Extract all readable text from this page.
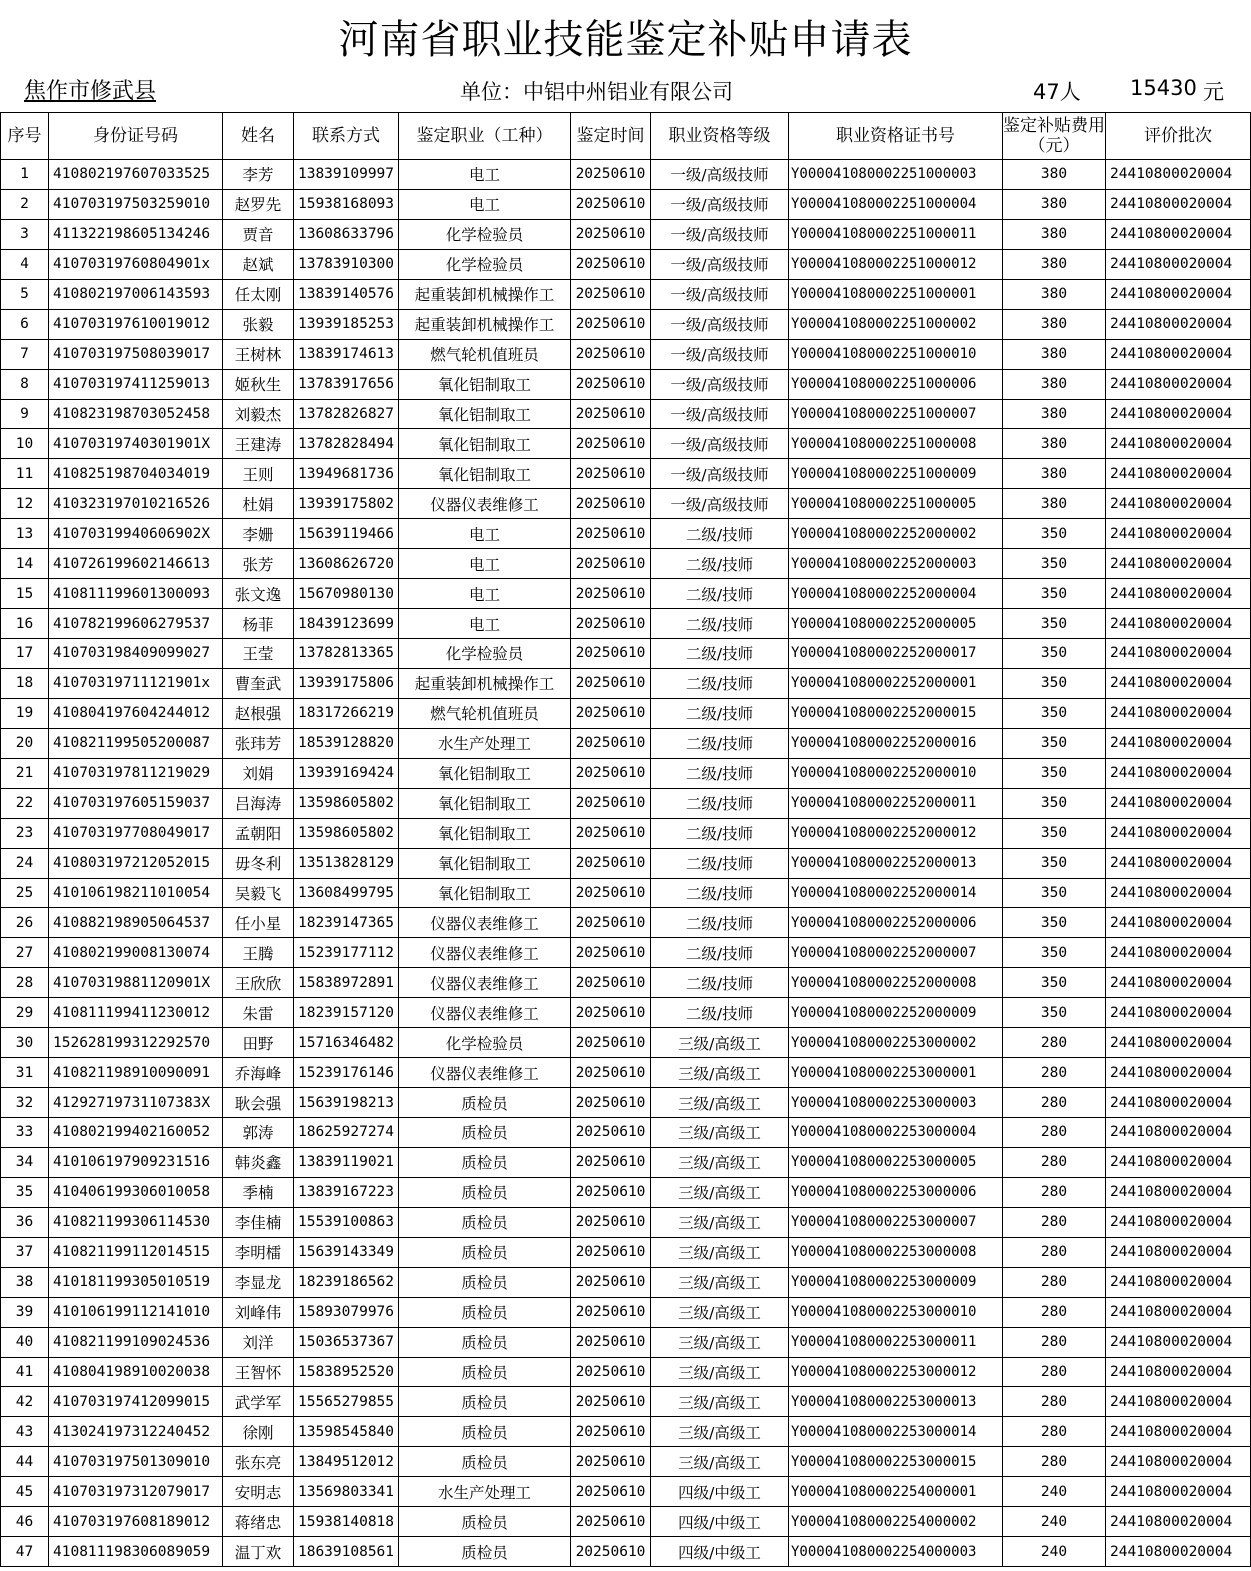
河南省职业技能鉴定补贴申请表
焦作市修武县	单位：中铝中州铝业有限公司	47人 15430 元
序号	身份证号码	姓名	联系方式	鉴定职业（工种）	鉴定时间	职业资格等级	职业资格证书号	鉴定补贴费用（元）	评价批次
1	410802197607033525	李芳	13839109997	电工	20250610	一级/高级技师	Y000041080002251000003	380	24410800020004
2	410703197503259010	赵罗先	15938168093	电工	20250610	一级/高级技师	Y000041080002251000004	380	24410800020004
3	411322198605134246	贾音	13608633796	化学检验员	20250610	一级/高级技师	Y000041080002251000011	380	24410800020004
4	41070319760804901x	赵斌	13783910300	化学检验员	20250610	一级/高级技师	Y000041080002251000012	380	24410800020004
5	410802197006143593	任太刚	13839140576	起重装卸机械操作工	20250610	一级/高级技师	Y000041080002251000001	380	24410800020004
6	410703197610019012	张毅	13939185253	起重装卸机械操作工	20250610	一级/高级技师	Y000041080002251000002	380	24410800020004
7	410703197508039017	王树林	13839174613	燃气轮机值班员	20250610	一级/高级技师	Y000041080002251000010	380	24410800020004
8	410703197411259013	姬秋生	13783917656	氧化铝制取工	20250610	一级/高级技师	Y000041080002251000006	380	24410800020004
9	410823198703052458	刘毅杰	13782826827	氧化铝制取工	20250610	一级/高级技师	Y000041080002251000007	380	24410800020004
10	41070319740301901X	王建涛	13782828494	氧化铝制取工	20250610	一级/高级技师	Y000041080002251000008	380	24410800020004
11	410825198704034019	王则	13949681736	氧化铝制取工	20250610	一级/高级技师	Y000041080002251000009	380	24410800020004
12	410323197010216526	杜娟	13939175802	仪器仪表维修工	20250610	一级/高级技师	Y000041080002251000005	380	24410800020004
13	41070319940606902X	李姗	15639119466	电工	20250610	二级/技师	Y000041080002252000002	350	24410800020004
14	410726199602146613	张芳	13608626720	电工	20250610	二级/技师	Y000041080002252000003	350	24410800020004
15	410811199601300093	张文逸	15670980130	电工	20250610	二级/技师	Y000041080002252000004	350	24410800020004
16	410782199606279537	杨菲	18439123699	电工	20250610	二级/技师	Y000041080002252000005	350	24410800020004
17	410703198409099027	王莹	13782813365	化学检验员	20250610	二级/技师	Y000041080002252000017	350	24410800020004
18	41070319711121901x	曹奎武	13939175806	起重装卸机械操作工	20250610	二级/技师	Y000041080002252000001	350	24410800020004
19	410804197604244012	赵根强	18317266219	燃气轮机值班员	20250610	二级/技师	Y000041080002252000015	350	24410800020004
20	410821199505200087	张玮芳	18539128820	水生产处理工	20250610	二级/技师	Y000041080002252000016	350	24410800020004
21	410703197811219029	刘娟	13939169424	氧化铝制取工	20250610	二级/技师	Y000041080002252000010	350	24410800020004
22	410703197605159037	吕海涛	13598605802	氧化铝制取工	20250610	二级/技师	Y000041080002252000011	350	24410800020004
23	410703197708049017	孟朝阳	13598605802	氧化铝制取工	20250610	二级/技师	Y000041080002252000012	350	24410800020004
24	410803197212052015	毋冬利	13513828129	氧化铝制取工	20250610	二级/技师	Y000041080002252000013	350	24410800020004
25	410106198211010054	吴毅飞	13608499795	氧化铝制取工	20250610	二级/技师	Y000041080002252000014	350	24410800020004
26	410882198905064537	任小星	18239147365	仪器仪表维修工	20250610	二级/技师	Y000041080002252000006	350	24410800020004
27	410802199008130074	王腾	15239177112	仪器仪表维修工	20250610	二级/技师	Y000041080002252000007	350	24410800020004
28	41070319881120901X	王欣欣	15838972891	仪器仪表维修工	20250610	二级/技师	Y000041080002252000008	350	24410800020004
29	410811199411230012	朱雷	18239157120	仪器仪表维修工	20250610	二级/技师	Y000041080002252000009	350	24410800020004
30	152628199312292570	田野	15716346482	化学检验员	20250610	三级/高级工	Y000041080002253000002	280	24410800020004
31	410821198910090091	乔海峰	15239176146	仪器仪表维修工	20250610	三级/高级工	Y000041080002253000001	280	24410800020004
32	41292719731107383X	耿会强	15639198213	质检员	20250610	三级/高级工	Y000041080002253000003	280	24410800020004
33	410802199402160052	郭涛	18625927274	质检员	20250610	三级/高级工	Y000041080002253000004	280	24410800020004
34	410106197909231516	韩炎鑫	13839119021	质检员	20250610	三级/高级工	Y000041080002253000005	280	24410800020004
35	410406199306010058	季楠	13839167223	质检员	20250610	三级/高级工	Y000041080002253000006	280	24410800020004
36	410821199306114530	李佳楠	15539100863	质检员	20250610	三级/高级工	Y000041080002253000007	280	24410800020004
37	410821199112014515	李明檑	15639143349	质检员	20250610	三级/高级工	Y000041080002253000008	280	24410800020004
38	410181199305010519	李显龙	18239186562	质检员	20250610	三级/高级工	Y000041080002253000009	280	24410800020004
39	410106199112141010	刘峰伟	15893079976	质检员	20250610	三级/高级工	Y000041080002253000010	280	24410800020004
40	410821199109024536	刘洋	15036537367	质检员	20250610	三级/高级工	Y000041080002253000011	280	24410800020004
41	410804198910020038	王智怀	15838952520	质检员	20250610	三级/高级工	Y000041080002253000012	280	24410800020004
42	410703197412099015	武学军	15565279855	质检员	20250610	三级/高级工	Y000041080002253000013	280	24410800020004
43	413024197312240452	徐刚	13598545840	质检员	20250610	三级/高级工	Y000041080002253000014	280	24410800020004
44	410703197501309010	张东亮	13849512012	质检员	20250610	三级/高级工	Y000041080002253000015	280	24410800020004
45	410703197312079017	安明志	13569803341	水生产处理工	20250610	四级/中级工	Y000041080002254000001	240	24410800020004
46	410703197608189012	蒋绪忠	15938140818	质检员	20250610	四级/中级工	Y000041080002254000002	240	24410800020004
47	410811198306089059	温丁欢	18639108561	质检员	20250610	四级/中级工	Y000041080002254000003	240	24410800020004
